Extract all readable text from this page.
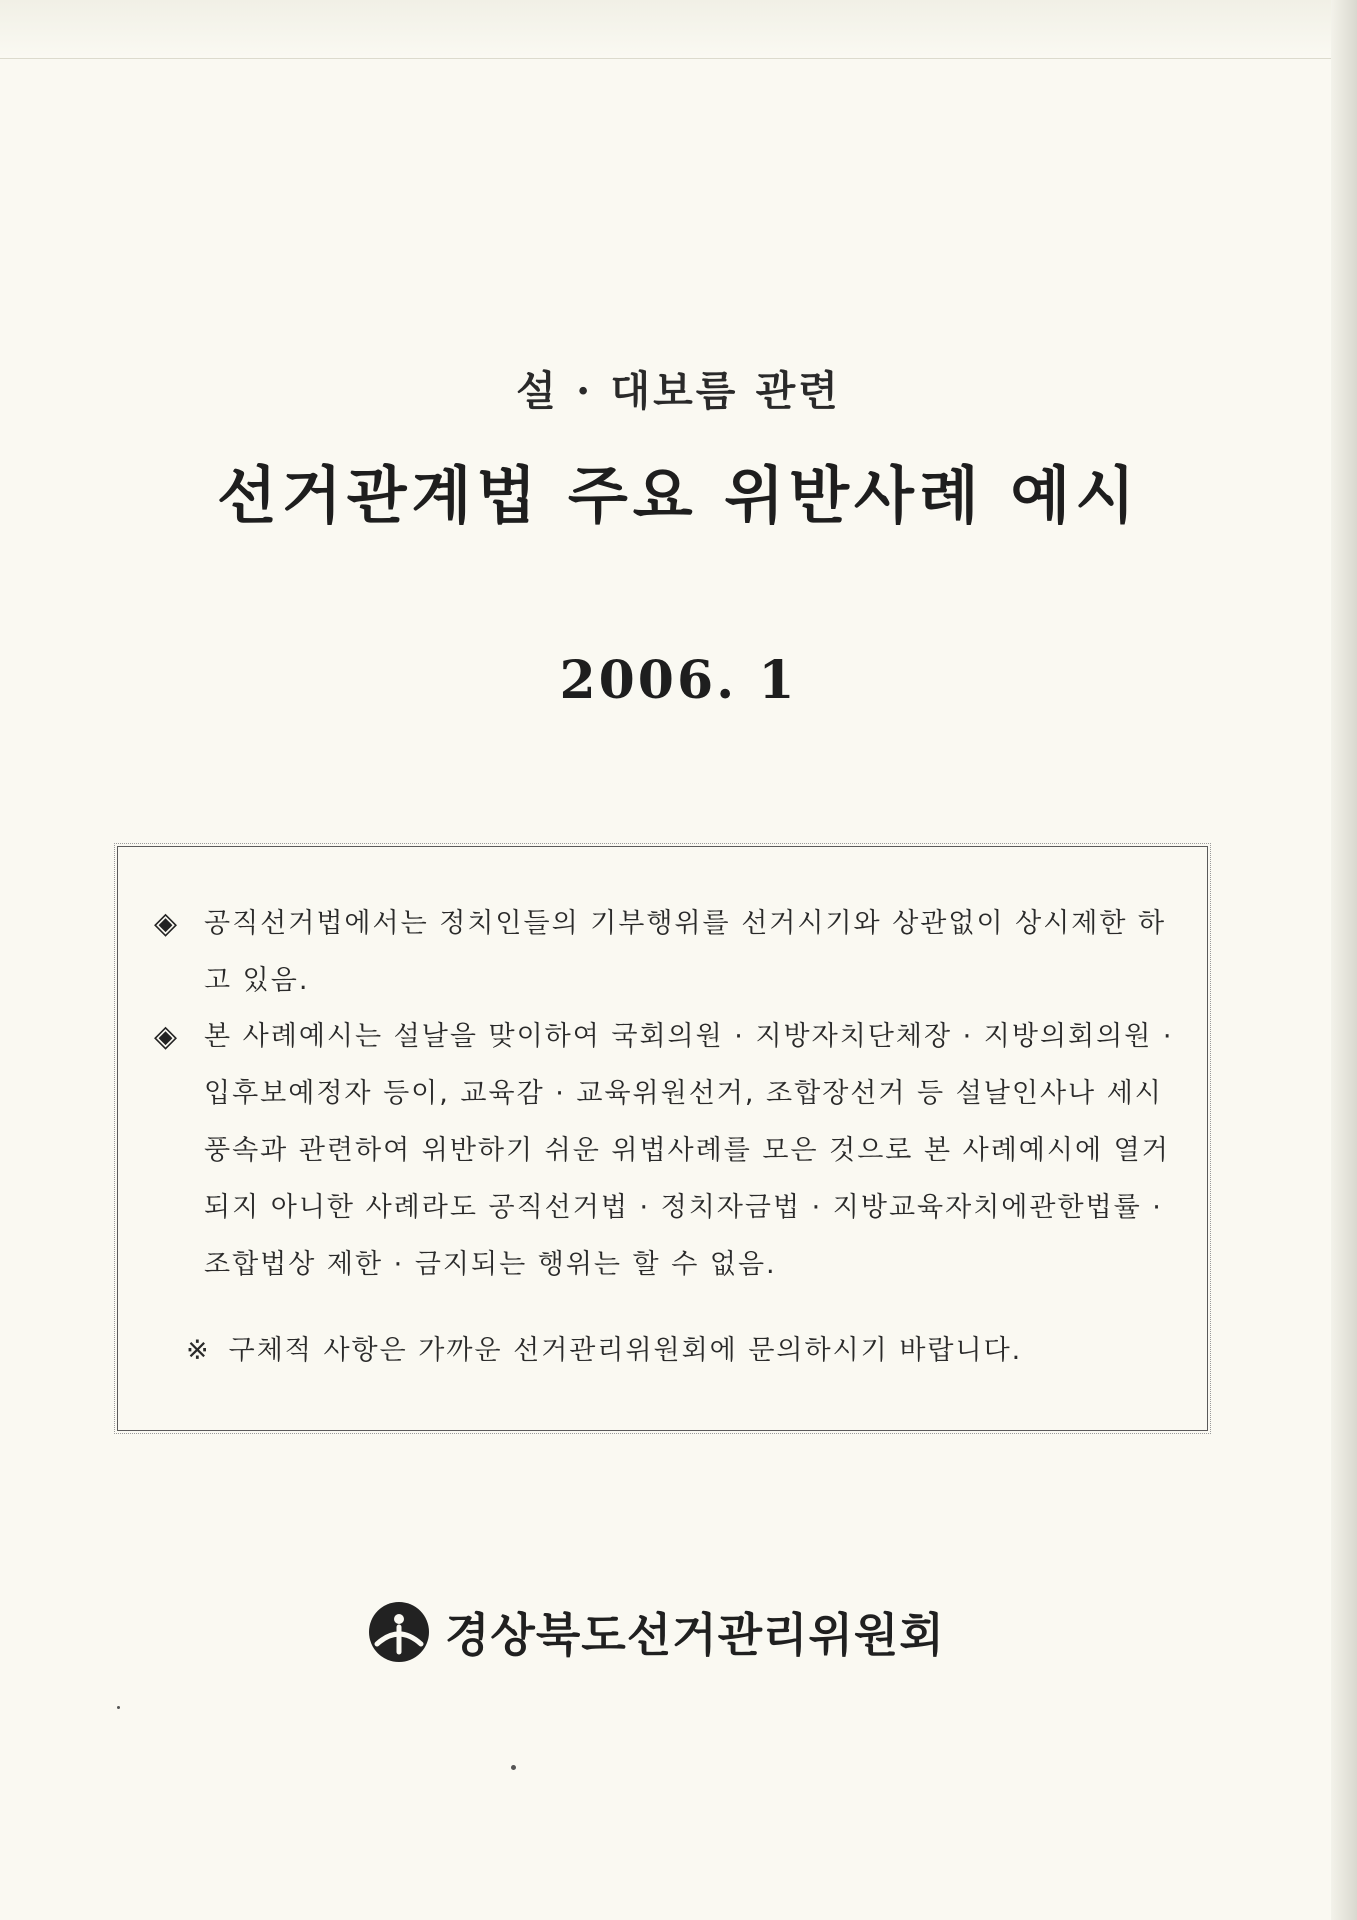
설 · 대보름 관련
선거관계법 주요 위반사례 예시
2006. 1
◈ 공직선거법에서는 정치인들의 기부행위를 선거시기와 상관없이 상시제한 하고 있음.
◈ 본 사례예시는 설날을 맞이하여 국회의원 · 지방자치단체장 · 지방의회의원 · 입후보예정자 등이, 교육감 · 교육위원선거, 조합장선거 등 설날인사나 세시풍속과 관련하여 위반하기 쉬운 위법사례를 모은 것으로 본 사례예시에 열거되지 아니한 사례라도 공직선거법 · 정치자금법 · 지방교육자치에관한법률 · 조합법상 제한 · 금지되는 행위는 할 수 없음.
※ 구체적 사항은 가까운 선거관리위원회에 문의하시기 바랍니다.
경상북도선거관리위원회
